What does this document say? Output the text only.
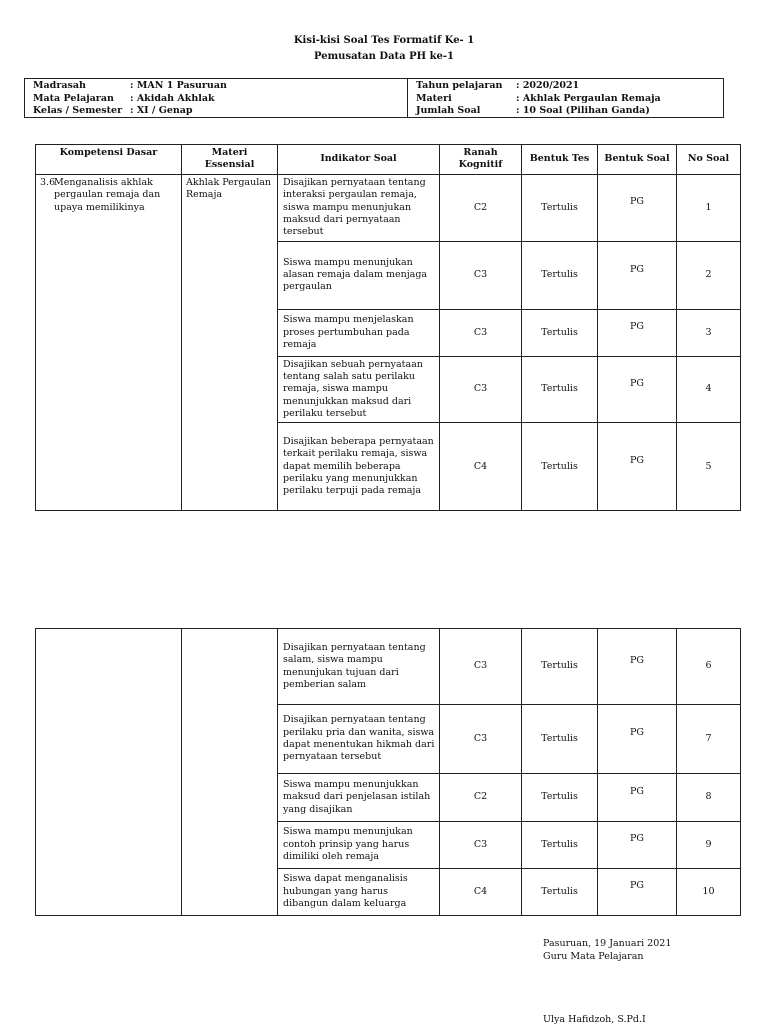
Kisi-kisi Soal Tes Formatif Ke- 1
Pemusatan Data PH ke-1
Madrasah	: MAN 1 Pasuruan
Mata Pelajaran	: Akidah Akhlak
Kelas / Semester : XI / Genap
Tahun pelajaran	: 2020/2021
Materi	: Akhlak Pergaulan Remaja
Jumlah Soal	: 10 Soal (Pilihan Ganda)
Kompetensi Dasar	Materi Essensial	Indikator Soal	Ranah Kognitif	Bentuk Tes	Bentuk Soal	No Soal
3.6
Menganalisis akhlak pergaulan remaja dan upaya memilikinya	Akhlak Pergaulan Remaja	Disajikan pernyataan tentang interaksi pergaulan remaja, siswa mampu menunjukan maksud dari pernyataan tersebut	C2	Tertulis	PG	1
		Siswa mampu menunjukan alasan remaja dalam menjaga pergaulan	C3	Tertulis	PG	2
		Siswa mampu menjelaskan proses pertumbuhan pada remaja	C3	Tertulis	PG	3
		Disajikan sebuah pernyataan tentang salah satu perilaku remaja, siswa mampu menunjukkan maksud dari perilaku tersebut	C3	Tertulis	PG	4
		Disajikan beberapa pernyataan terkait perilaku remaja, siswa dapat memilih beberapa perilaku yang menunjukkan perilaku terpuji pada remaja	C4	Tertulis	PG	5
		Disajikan pernyataan tentang salam, siswa mampu menunjukan tujuan dari pemberian salam	C3	Tertulis	PG	6
		Disajikan pernyataan tentang perilaku pria dan wanita, siswa dapat menentukan hikmah dari pernyataan tersebut	C3	Tertulis	PG	7
		Siswa mampu menunjukkan maksud dari penjelasan istilah yang disajikan	C2	Tertulis	PG	8
		Siswa mampu menunjukan contoh prinsip yang harus dimiliki oleh remaja	C3	Tertulis	PG	9
		Siswa dapat menganalisis hubungan yang harus dibangun dalam keluarga	C4	Tertulis	PG	10
Pasuruan, 19 Januari 2021
Guru Mata Pelajaran
Ulya Hafidzoh, S.Pd.I
